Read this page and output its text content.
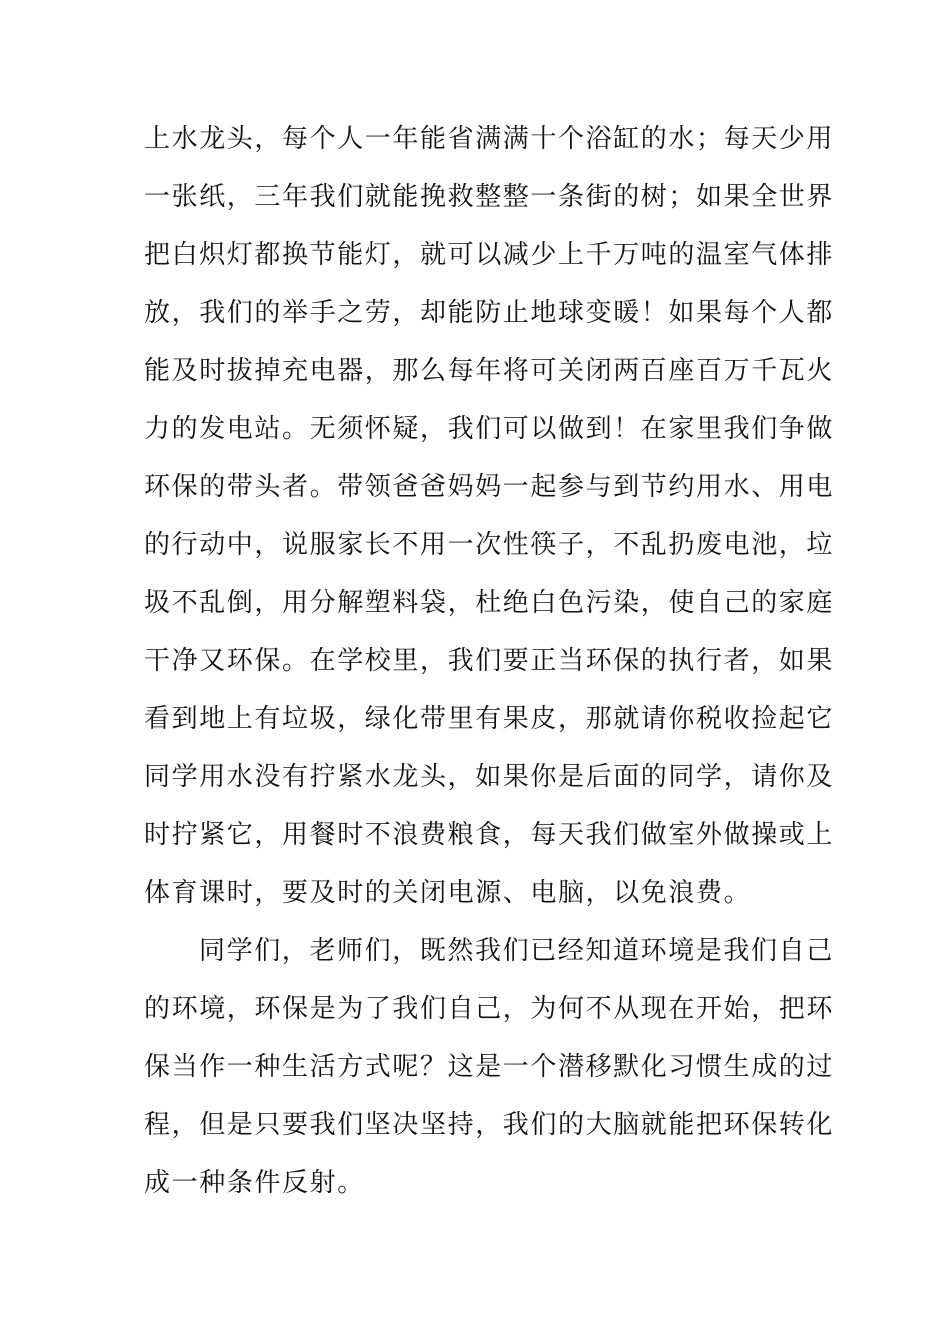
上水龙头，每个人一年能省满满十个浴缸的水；每天少用
一张纸，三年我们就能挽救整整一条街的树；如果全世界
把白炽灯都换节能灯，就可以减少上千万吨的温室气体排
放，我们的举手之劳，却能防止地球变暖！如果每个人都
能及时拔掉充电器，那么每年将可关闭两百座百万千瓦火
力的发电站。无须怀疑，我们可以做到！在家里我们争做
环保的带头者。带领爸爸妈妈一起参与到节约用水、用电
的行动中，说服家长不用一次性筷子，不乱扔废电池，垃
圾不乱倒，用分解塑料袋，杜绝白色污染，使自己的家庭
干净又环保。在学校里，我们要正当环保的执行者，如果
看到地上有垃圾，绿化带里有果皮，那就请你税收捡起它
同学用水没有拧紧水龙头，如果你是后面的同学，请你及
时拧紧它，用餐时不浪费粮食，每天我们做室外做操或上
体育课时，要及时的关闭电源、电脑，以免浪费。
同学们，老师们，既然我们已经知道环境是我们自己
的环境，环保是为了我们自己，为何不从现在开始，把环
保当作一种生活方式呢？这是一个潜移默化习惯生成的过
程，但是只要我们坚决坚持，我们的大脑就能把环保转化
成一种条件反射。
